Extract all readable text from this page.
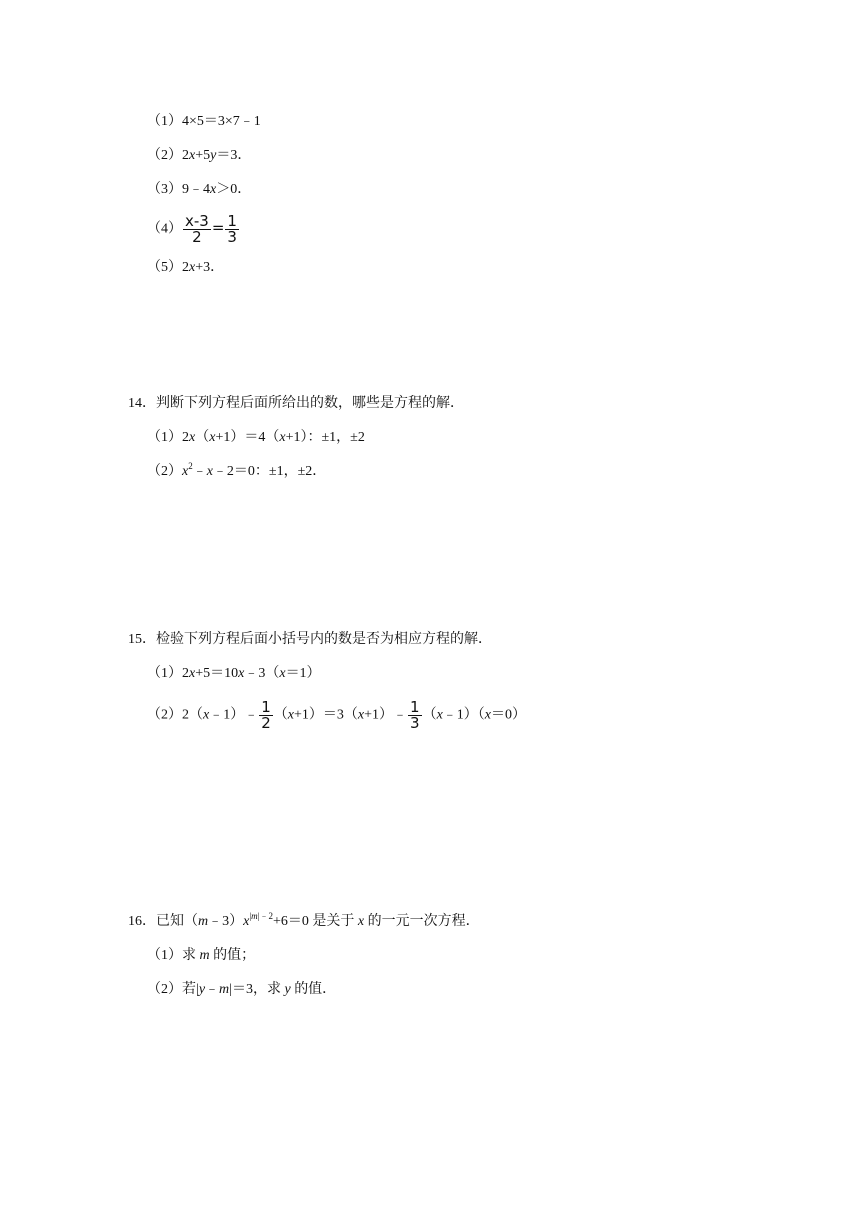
（1）4×5＝3×7﹣1
（2）2x+5y＝3．
（3）9﹣4x＞0．
$(4) \frac{x-3}{2} = \frac{1}{3}$
（5）2x+3．
14．判断下列方程后面所给出的数，哪些是方程的解．
（1）2x（x+1）＝4（x+1）：±1，±2
$(2)x^2﹣x﹣2=0$：±1，±2．
15．检验下列方程后面小括号内的数是否为相应方程的解．
（1）2x+5＝10x﹣3（x＝1）
（2）2（x﹣1）﹣ $\frac{1}{2}$ （x+1）＝3（x+1）﹣ $\frac{1}{3}$ （x﹣1）（x＝0）
16．已知$(m﹣3)x^{|m|﹣2}+6=0$ 是关于 x 的一元一次方程．
（1）求 m 的值；
（2）若|y﹣m|＝3，求 y 的值．
